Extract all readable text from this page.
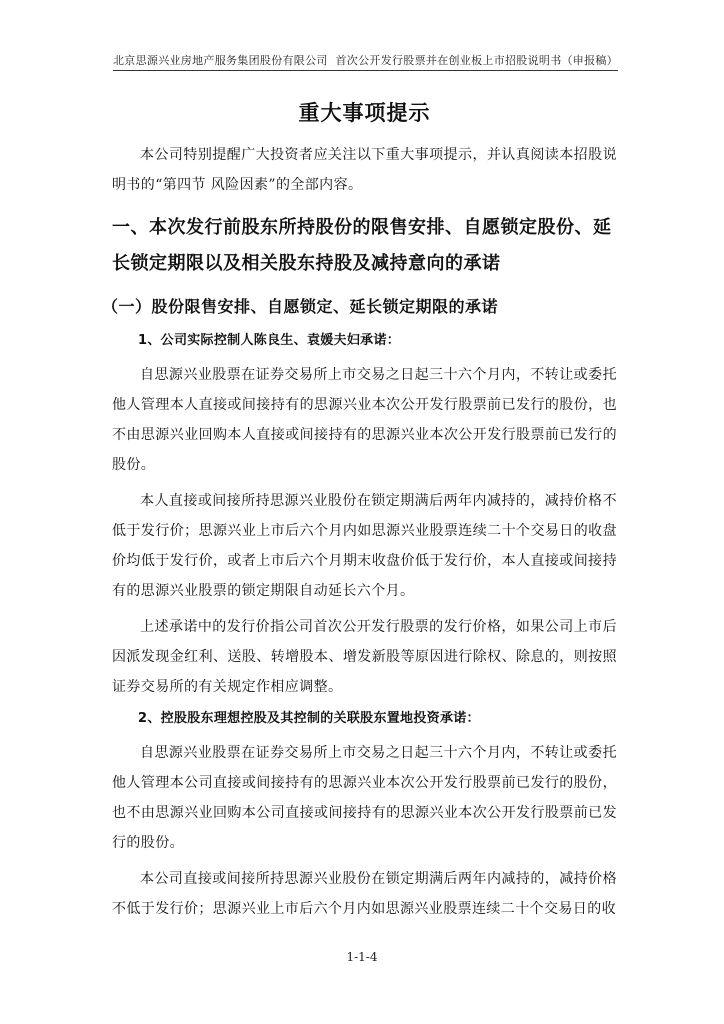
北京思源兴业房地产服务集团股份有限公司 首次公开发行股票并在创业板上市招股说明书（申报稿）
重大事项提示

本公司特别提醒广大投资者应关注以下重大事项提示，并认真阅读本招股说明书的“第四节 风险因素”的全部内容。

一、本次发行前股东所持股份的限售安排、自愿锁定股份、延长锁定期限以及相关股东持股及减持意向的承诺
（一）股份限售安排、自愿锁定、延长锁定期限的承诺
1、公司实际控制人陈良生、袁媛夫妇承诺：

自思源兴业股票在证券交易所上市交易之日起三十六个月内，不转让或委托他人管理本人直接或间接持有的思源兴业本次公开发行股票前已发行的股份，也不由思源兴业回购本人直接或间接持有的思源兴业本次公开发行股票前已发行的股份。

本人直接或间接所持思源兴业股份在锁定期满后两年内减持的，减持价格不低于发行价；思源兴业上市后六个月内如思源兴业股票连续二十个交易日的收盘价均低于发行价，或者上市后六个月期末收盘价低于发行价，本人直接或间接持有的思源兴业股票的锁定期限自动延长六个月。

上述承诺中的发行价指公司首次公开发行股票的发行价格，如果公司上市后因派发现金红利、送股、转增股本、增发新股等原因进行除权、除息的，则按照证券交易所的有关规定作相应调整。

2、控股股东理想控股及其控制的关联股东置地投资承诺：

自思源兴业股票在证券交易所上市交易之日起三十六个月内，不转让或委托他人管理本公司直接或间接持有的思源兴业本次公开发行股票前已发行的股份，也不由思源兴业回购本公司直接或间接持有的思源兴业本次公开发行股票前已发行的股份。

本公司直接或间接所持思源兴业股份在锁定期满后两年内减持的，减持价格不低于发行价；思源兴业上市后六个月内如思源兴业股票连续二十个交易日的收

1-1-4
